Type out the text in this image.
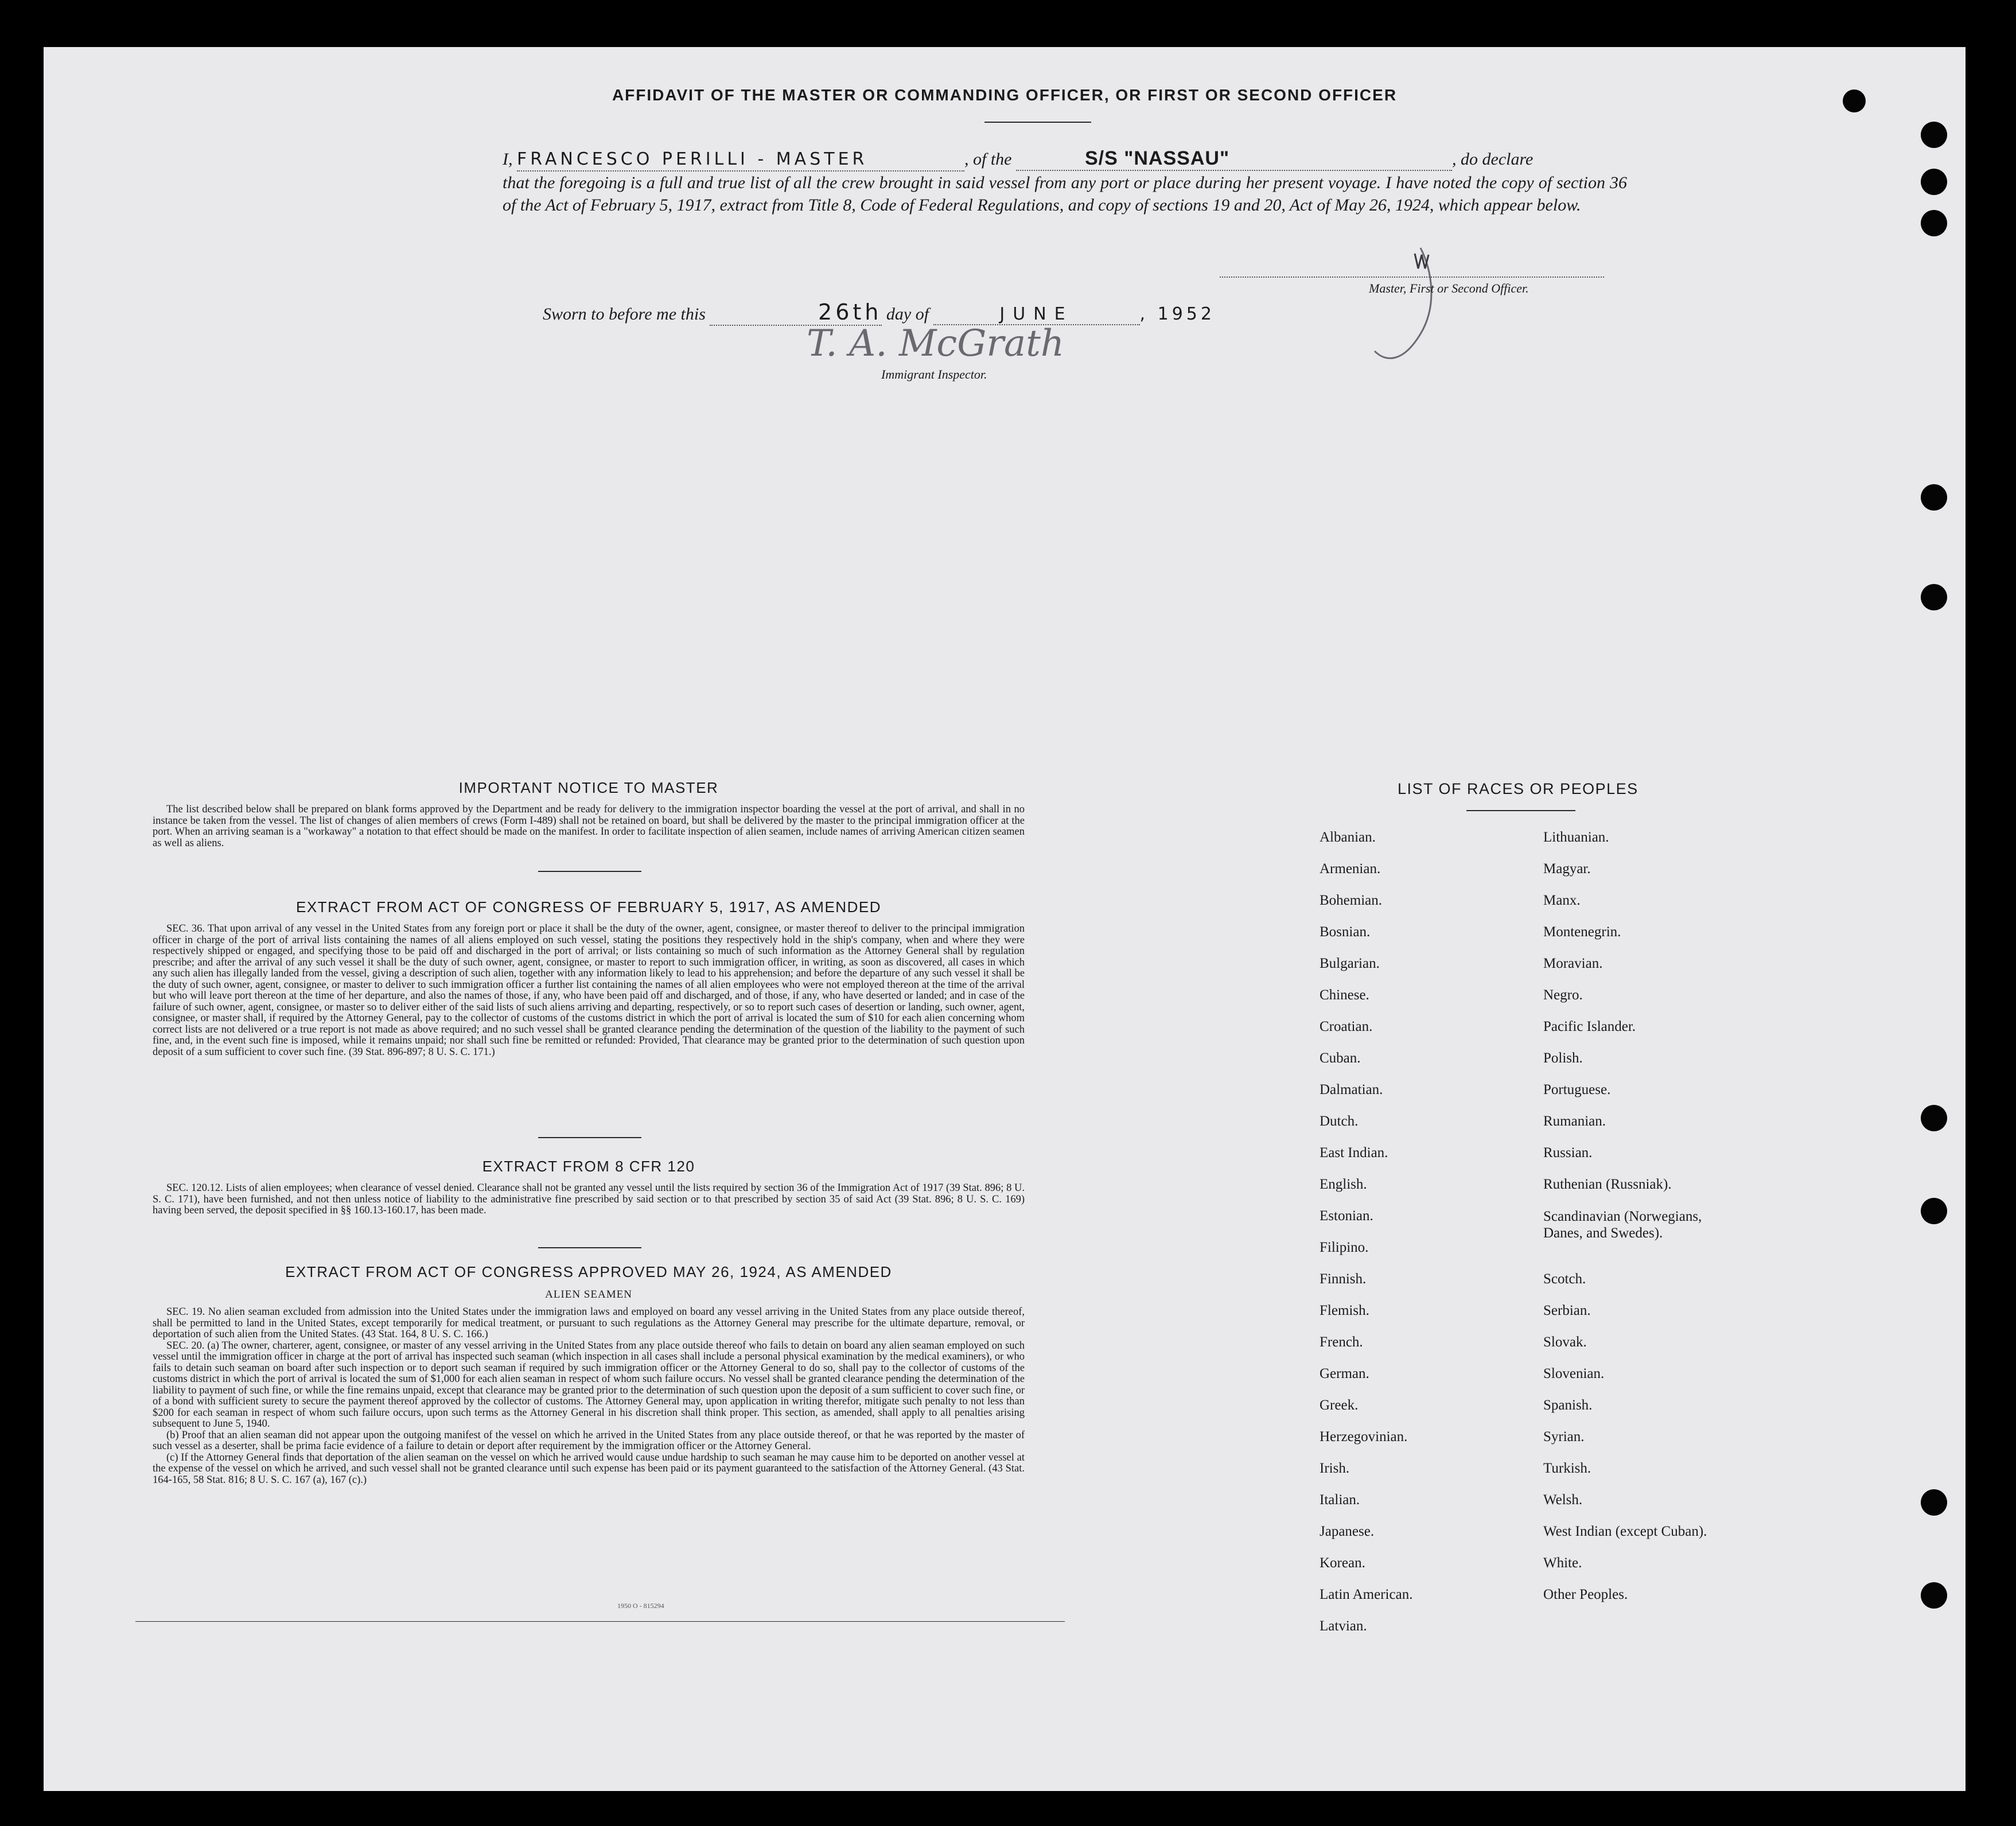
AFFIDAVIT OF THE MASTER OR COMMANDING OFFICER, OR FIRST OR SECOND OFFICER
I, FRANCESCO PERILLI - MASTER	, of the	S/S "NASSAU"	, do declare
that the foregoing is a full and true list of all the crew brought in said vessel from any port or place during her present voyage. I have noted the copy of section 36 of the Act of February 5, 1917, extract from Title 8, Code of Federal Regulations, and copy of sections 19 and 20, Act of May 26, 1924, which appear below.
Master, First or Second Officer.
Sworn to before me this	26th day of	JUNE	, 1952
T. A. McGrath
Immigrant Inspector.
IMPORTANT NOTICE TO MASTER

The list described below shall be prepared on blank forms approved by the Department and be ready for delivery to the immigration inspector boarding the vessel at the port of arrival, and shall in no instance be taken from the vessel. The list of changes of alien members of crews (Form I-489) shall not be retained on board, but shall be delivered by the master to the principal immigration officer at the port. When an arriving seaman is a "workaway" a notation to that effect should be made on the manifest. In order to facilitate inspection of alien seamen, include names of arriving American citizen seamen as well as aliens.

EXTRACT FROM ACT OF CONGRESS OF FEBRUARY 5, 1917, AS AMENDED

SEC. 36. That upon arrival of any vessel in the United States from any foreign port or place it shall be the duty of the owner, agent, consignee, or master thereof to deliver to the principal immigration officer in charge of the port of arrival lists containing the names of all aliens employed on such vessel, stating the positions they respectively hold in the ship's company, when and where they were respectively shipped or engaged, and specifying those to be paid off and discharged in the port of arrival; or lists containing so much of such information as the Attorney General shall by regulation prescribe; and after the arrival of any such vessel it shall be the duty of such owner, agent, consignee, or master to report to such immigration officer, in writing, as soon as discovered, all cases in which any such alien has illegally landed from the vessel, giving a description of such alien, together with any information likely to lead to his apprehension; and before the departure of any such vessel it shall be the duty of such owner, agent, consignee, or master to deliver to such immigration officer a further list containing the names of all alien employees who were not employed thereon at the time of the arrival but who will leave port thereon at the time of her departure, and also the names of those, if any, who have been paid off and discharged, and of those, if any, who have deserted or landed; and in case of the failure of such owner, agent, consignee, or master so to deliver either of the said lists of such aliens arriving and departing, respectively, or so to report such cases of desertion or landing, such owner, agent, consignee, or master shall, if required by the Attorney General, pay to the collector of customs of the customs district in which the port of arrival is located the sum of $10 for each alien concerning whom correct lists are not delivered or a true report is not made as above required; and no such vessel shall be granted clearance pending the determination of the question of the liability to the payment of such fine, and, in the event such fine is imposed, while it remains unpaid; nor shall such fine be remitted or refunded: Provided, That clearance may be granted prior to the determination of such question upon deposit of a sum sufficient to cover such fine. (39 Stat. 896-897; 8 U. S. C. 171.)

EXTRACT FROM 8 CFR 120

SEC. 120.12. Lists of alien employees; when clearance of vessel denied. Clearance shall not be granted any vessel until the lists required by section 36 of the Immigration Act of 1917 (39 Stat. 896; 8 U. S. C. 171), have been furnished, and not then unless notice of liability to the administrative fine prescribed by said section or to that prescribed by section 35 of said Act (39 Stat. 896; 8 U. S. C. 169) having been served, the deposit specified in §§ 160.13-160.17, has been made.

EXTRACT FROM ACT OF CONGRESS APPROVED MAY 26, 1924, AS AMENDED
ALIEN SEAMEN

SEC. 19. No alien seaman excluded from admission into the United States under the immigration laws and employed on board any vessel arriving in the United States from any place outside thereof, shall be permitted to land in the United States, except temporarily for medical treatment, or pursuant to such regulations as the Attorney General may prescribe for the ultimate departure, removal, or deportation of such alien from the United States. (43 Stat. 164, 8 U. S. C. 166.)

SEC. 20. (a) The owner, charterer, agent, consignee, or master of any vessel arriving in the United States from any place outside thereof who fails to detain on board any alien seaman employed on such vessel until the immigration officer in charge at the port of arrival has inspected such seaman (which inspection in all cases shall include a personal physical examination by the medical examiners), or who fails to detain such seaman on board after such inspection or to deport such seaman if required by such immigration officer or the Attorney General to do so, shall pay to the collector of customs of the customs district in which the port of arrival is located the sum of $1,000 for each alien seaman in respect of whom such failure occurs. No vessel shall be granted clearance pending the determination of the liability to payment of such fine, or while the fine remains unpaid, except that clearance may be granted prior to the determination of such question upon the deposit of a sum sufficient to cover such fine, or of a bond with sufficient surety to secure the payment thereof approved by the collector of customs. The Attorney General may, upon application in writing therefor, mitigate such penalty to not less than $200 for each seaman in respect of whom such failure occurs, upon such terms as the Attorney General in his discretion shall think proper. This section, as amended, shall apply to all penalties arising subsequent to June 5, 1940.

(b) Proof that an alien seaman did not appear upon the outgoing manifest of the vessel on which he arrived in the United States from any place outside thereof, or that he was reported by the master of such vessel as a deserter, shall be prima facie evidence of a failure to detain or deport after requirement by the immigration officer or the Attorney General.

(c) If the Attorney General finds that deportation of the alien seaman on the vessel on which he arrived would cause undue hardship to such seaman he may cause him to be deported on another vessel at the expense of the vessel on which he arrived, and such vessel shall not be granted clearance until such expense has been paid or its payment guaranteed to the satisfaction of the Attorney General. (43 Stat. 164-165, 58 Stat. 816; 8 U. S. C. 167 (a), 167 (c).)

1950 O - 815294
LIST OF RACES OR PEOPLES
Albanian.
Armenian.
Bohemian.
Bosnian.
Bulgarian.
Chinese.
Croatian.
Cuban.
Dalmatian.
Dutch.
East Indian.
English.
Estonian.
Filipino.
Finnish.
Flemish.
French.
German.
Greek.
Herzegovinian.
Irish.
Italian.
Japanese.
Korean.
Latin American.
Latvian.
Lithuanian.
Magyar.
Manx.
Montenegrin.
Moravian.
Negro.
Pacific Islander.
Polish.
Portuguese.
Rumanian.
Russian.
Ruthenian (Russniak).
Scandinavian (Norwegians, Danes, and Swedes).
Scotch.
Serbian.
Slovak.
Slovenian.
Spanish.
Syrian.
Turkish.
Welsh.
West Indian (except Cuban).
White.
Other Peoples.
